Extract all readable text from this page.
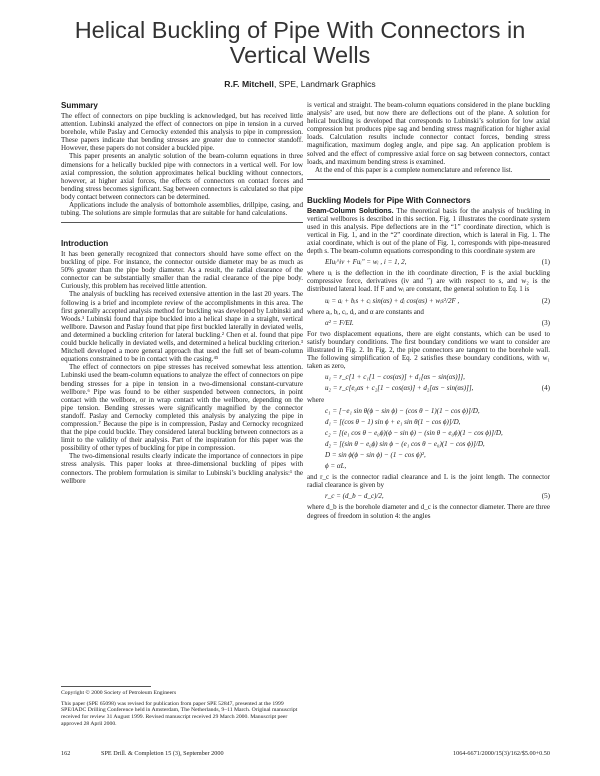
Helical Buckling of Pipe With Connectors in Vertical Wells
R.F. Mitchell, SPE, Landmark Graphics
Summary

The effect of connectors on pipe buckling is acknowledged, but has received little attention. Lubinski analyzed the effect of connectors on pipe in tension in a curved borehole, while Paslay and Cernocky extended this analysis to pipe in compression. These papers indicate that bending stresses are greater due to connector standoff. However, these papers do not consider a buckled pipe.

This paper presents an analytic solution of the beam-column equations in three dimensions for a helically buckled pipe with connectors in a vertical well. For low axial compression, the solution approximates helical buckling without connectors, however, at higher axial forces, the effects of connectors on contact forces and bending stress becomes significant. Sag between connectors is calculated so that pipe body contact between connectors can be determined.

Applications include the analysis of bottomhole assemblies, drillpipe, casing, and tubing. The solutions are simple formulas that are suitable for hand calculations.

Introduction

It has been generally recognized that connectors should have some effect on the buckling of pipe. For instance, the connector outside diameter may be as much as 50% greater than the pipe body diameter. As a result, the radial clearance of the connector can be substantially smaller than the radial clearance of the pipe body. Curiously, this problem has received little attention.

The analysis of buckling has received extensive attention in the last 20 years. The following is a brief and incomplete review of the accomplishments in this area. The first generally accepted analysis method for buckling was developed by Lubinski and Woods.¹ Lubinski found that pipe buckled into a helical shape in a straight, vertical wellbore. Dawson and Paslay found that pipe first buckled laterally in deviated wells, and determined a buckling criterion for lateral buckling.² Chen et al. found that pipe could buckle helically in deviated wells, and determined a helical buckling criterion.³ Mitchell developed a more general approach that used the full set of beam-column equations constrained to be in contact with the casing.⁴⁵

The effect of connectors on pipe stresses has received somewhat less attention. Lubinski used the beam-column equations to analyze the effect of connectors on pipe bending stresses for a pipe in tension in a two-dimensional constant-curvature wellbore.⁶ Pipe was found to be either suspended between connectors, in point contact with the wellbore, or in wrap contact with the wellbore, depending on the pipe tension. Bending stresses were significantly magnified by the connector standoff. Paslay and Cernocky completed this analysis by analyzing the pipe in compression.⁷ Because the pipe is in compression, Paslay and Cernocky recognized that the pipe could buckle. They considered lateral buckling between connectors as a limit to the validity of their analysis. Part of the inspiration for this paper was the possibility of other types of buckling for pipe in compression.

The two-dimensional results clearly indicate the importance of connectors in pipe stress analysis. This paper looks at three-dimensional buckling of pipes with connectors. The problem formulation is similar to Lubinski’s buckling analysis:¹ the wellbore

is vertical and straight. The beam-column equations considered in the plane buckling analysis⁷ are used, but now there are deflections out of the plane. A solution for helical buckling is developed that corresponds to Lubinski’s solution for low axial compression but produces pipe sag and bending stress magnification for higher axial loads. Calculation results include connector contact forces, bending stress magnification, maximum dogleg angle, and pipe sag. An application problem is solved and the effect of compressive axial force on sag between connectors, contact loads, and maximum bending stress is examined.

At the end of this paper is a complete nomenclature and reference list.

Buckling Models for Pipe With Connectors

Beam-Column Solutions. The theoretical basis for the analysis of buckling in vertical wellbores is described in this section. Fig. 1 illustrates the coordinate system used in this analysis. Pipe deflections are in the “1” coordinate direction, which is vertical in Fig. 1, and in the “2” coordinate direction, which is lateral in Fig. 1. The axial coordinate, which is out of the plane of Fig. 1, corresponds with pipe-measured depth s. The beam-column equations corresponding to this coordinate system are

EIuᵢ^iv + Fuᵢ″ = wᵢ , i = 1, 2,	(1)

where uᵢ is the deflection in the ith coordinate direction, F is the axial buckling compressive force, derivatives (iv and ″) are with respect to s, and w₂ is the distributed lateral load. If F and wᵢ are constant, the general solution to Eq. 1 is

uᵢ = aᵢ + bᵢs + cᵢ sin(αs) + dᵢ cos(αs) + wᵢs²/2F ,	(2)

where aᵢ, bᵢ, cᵢ, dᵢ, and α are constants and

α² = F/EI.	(3)

For two displacement equations, there are eight constants, which can be used to satisfy boundary conditions. The first boundary conditions we want to consider are illustrated in Fig. 2. In Fig. 2, the pipe connectors are tangent to the borehole wall. The following simplification of Eq. 2 satisfies these boundary conditions, with w₁ taken as zero,

u₁ = r_c[1 + c₁[1 − cos(αs)] + d₁[αs − sin(αs)]],
u₂ = r_c[e₀αs + c₂[1 − cos(αs)] + d₂[αs − sin(αs)]],	(4)

where

c₁ = [−e₁ sin θ(ϕ − sin ϕ) − (cos θ − 1)(1 − cos ϕ)]/D,
d₁ = [(cos θ − 1) sin ϕ + e₁ sin θ(1 − cos ϕ)]/D,
c₂ = [(e₁ cos θ − e₀ϕ)(ϕ − sin ϕ) − (sin θ − e₀ϕ)(1 − cos ϕ)]/D,
d₂ = [(sin θ − e₀ϕ) sin ϕ − (e₁ cos θ − e₀)(1 − cos ϕ)]/D,
D = sin ϕ(ϕ − sin ϕ) − (1 − cos ϕ)²,
ϕ = αL,

and r_c is the connector radial clearance and L is the joint length. The connector radial clearance is given by

r_c = (d_b − d_c)/2,	(5)

where d_b is the borehole diameter and d_c is the connector diameter. There are three degrees of freedom in solution 4: the angles

Copyright © 2000 Society of Petroleum Engineers
This paper (SPE 65098) was revised for publication from paper SPE 52847, presented at the 1999 SPE/IADC Drilling Conference held in Amsterdam, The Netherlands, 9–11 March. Original manuscript received for review 31 August 1999. Revised manuscript received 29 March 2000. Manuscript peer approved 28 April 2000.
162	SPE Drill. & Completion 15 (3), September 2000	1064-6671/2000/15(3)/162/$5.00+0.50
